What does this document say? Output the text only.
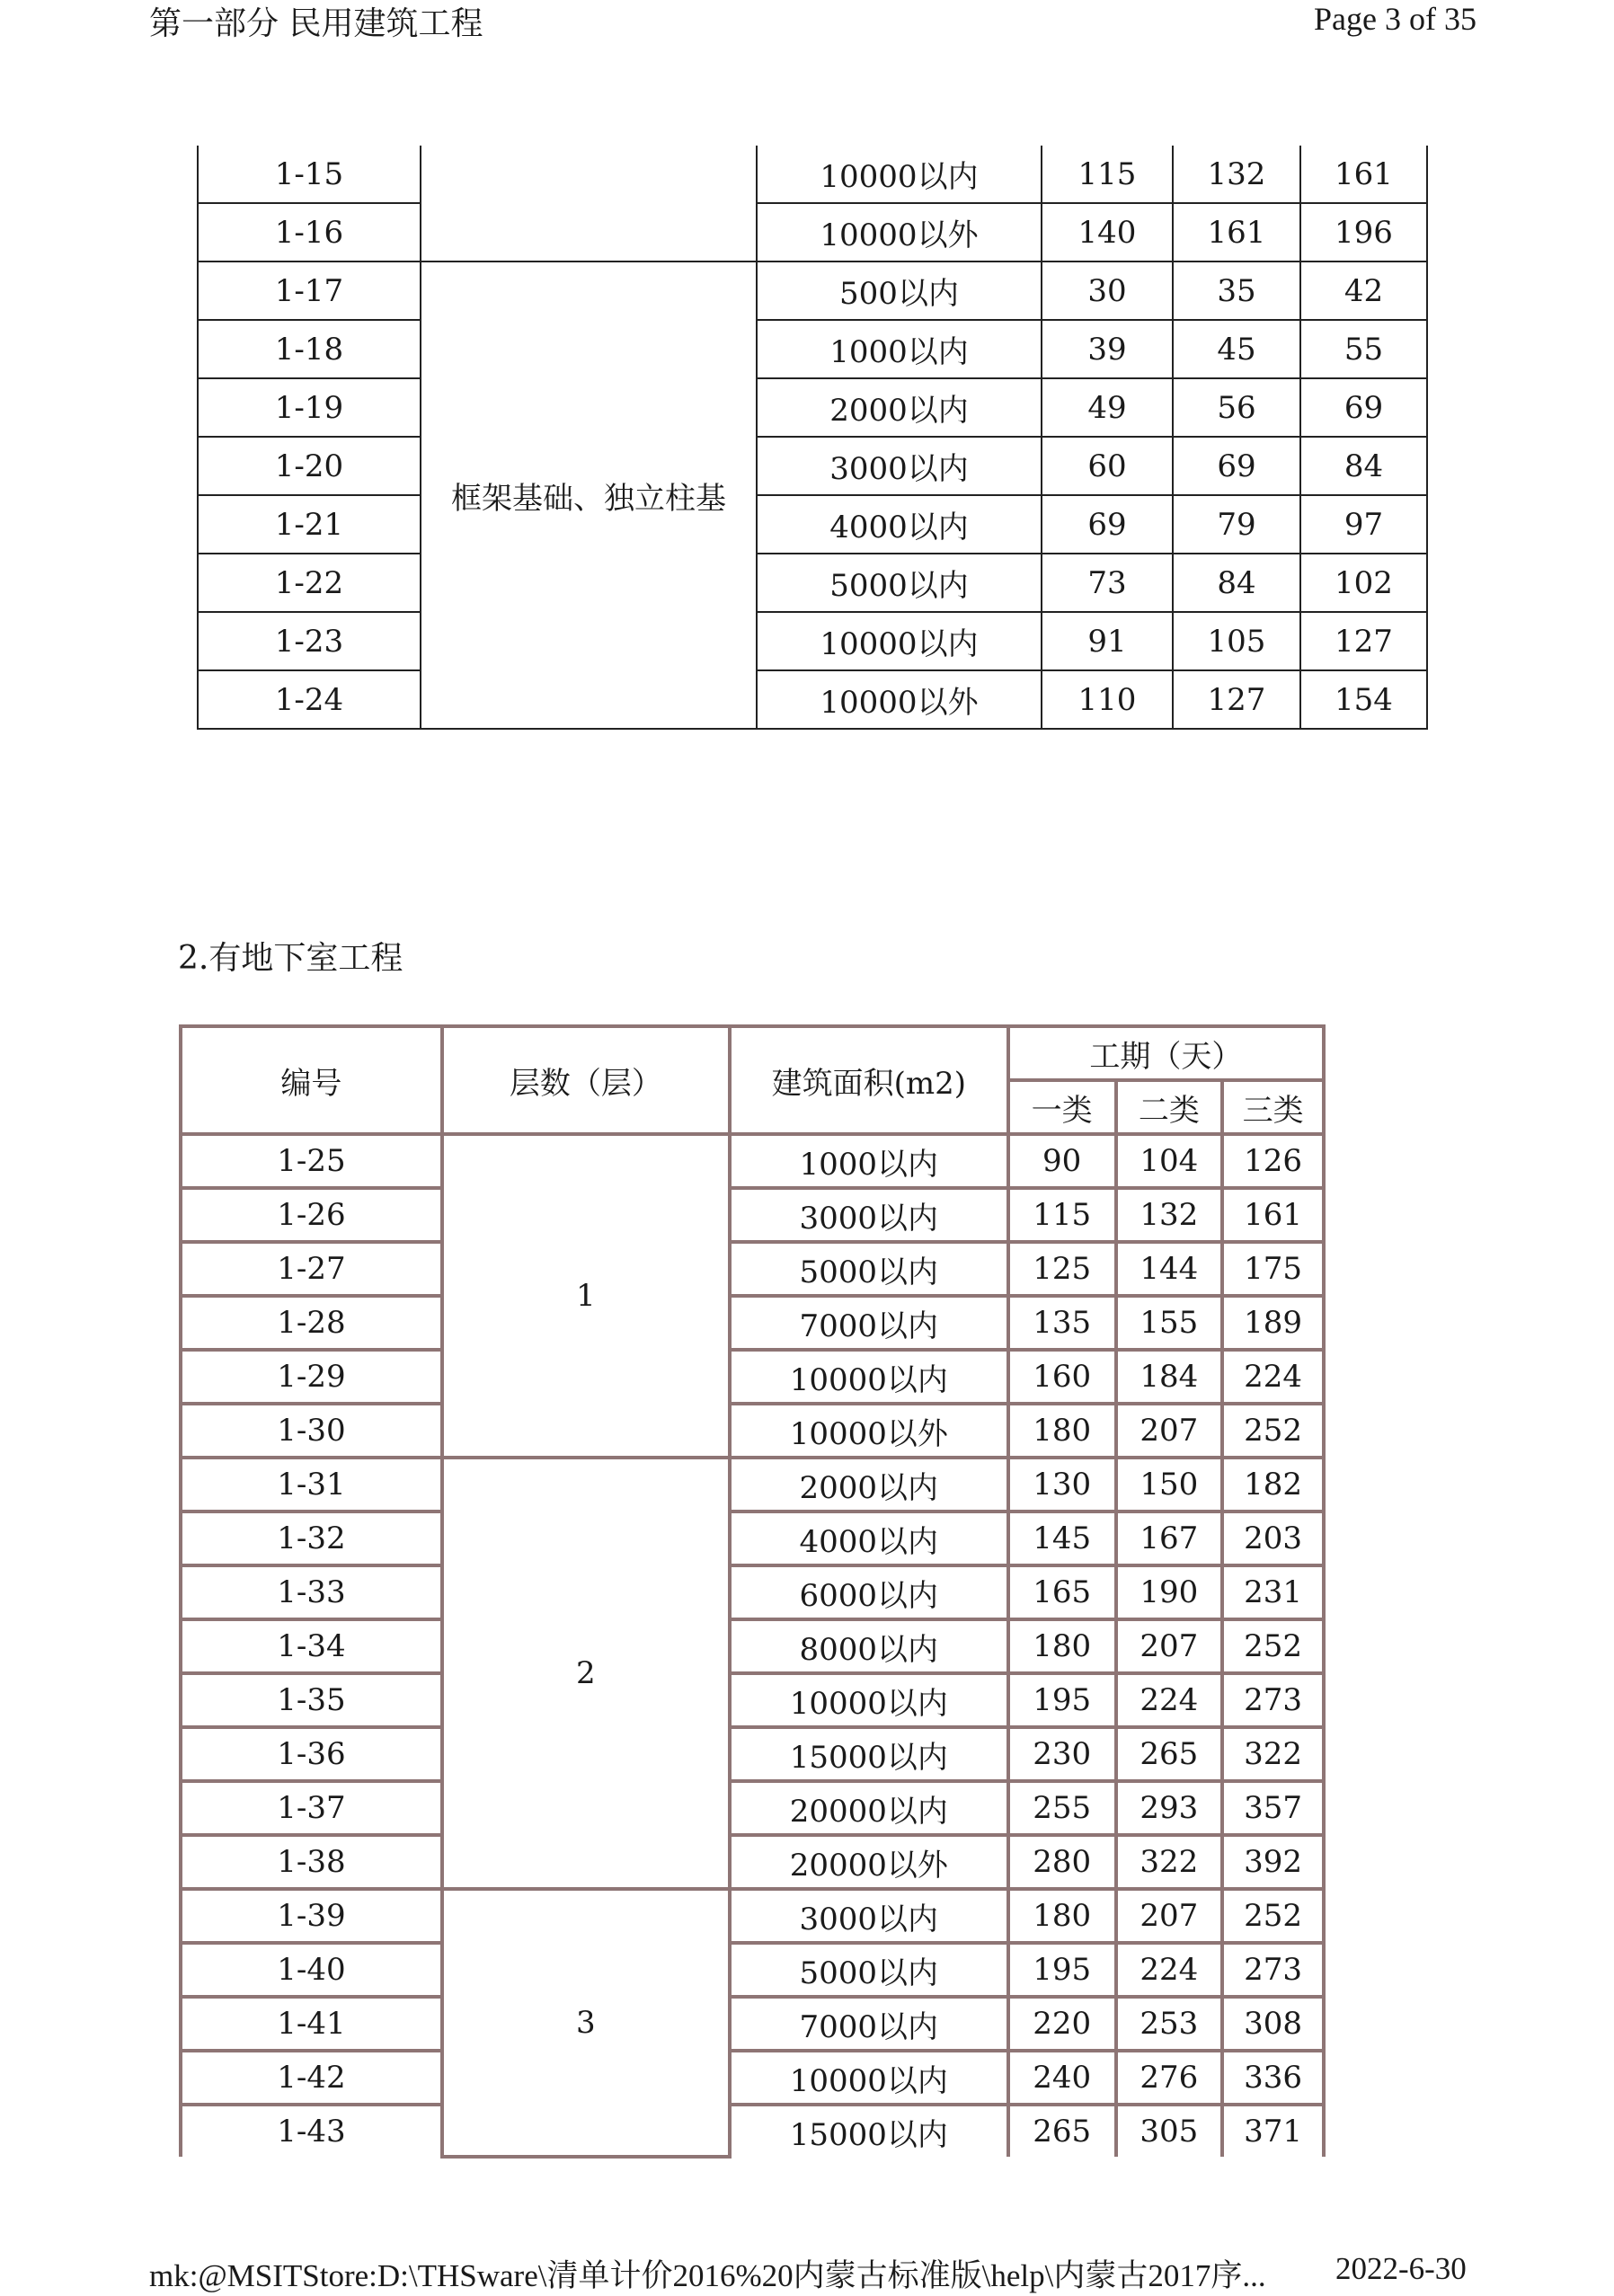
第一部分 民用建筑工程	Page 3 of 35
1-15		10000以内	115	132	161
1-16		10000以外	140	161	196
1-17	框架基础、独立柱基	500以内	30	35	42
1-18		1000以内	39	45	55
1-19		2000以内	49	56	69
1-20		3000以内	60	69	84
1-21		4000以内	69	79	97
1-22		5000以内	73	84	102
1-23		10000以内	91	105	127
1-24		10000以外	110	127	154
2.有地下室工程
编号	层数（层）	建筑面积(m2)	工期（天）		
			一类	二类	三类
1-25	1	1000以内	90	104	126
1-26		3000以内	115	132	161
1-27		5000以内	125	144	175
1-28		7000以内	135	155	189
1-29		10000以内	160	184	224
1-30		10000以外	180	207	252
1-31	2	2000以内	130	150	182
1-32		4000以内	145	167	203
1-33		6000以内	165	190	231
1-34		8000以内	180	207	252
1-35		10000以内	195	224	273
1-36		15000以内	230	265	322
1-37		20000以内	255	293	357
1-38		20000以外	280	322	392
1-39	3	3000以内	180	207	252
1-40		5000以内	195	224	273
1-41		7000以内	220	253	308
1-42		10000以内	240	276	336
1-43		15000以内	265	305	371
mk:@MSITStore:D:\THSware\清单计价2016%20内蒙古标准版\help\内蒙古2017序... 2022-6-30
